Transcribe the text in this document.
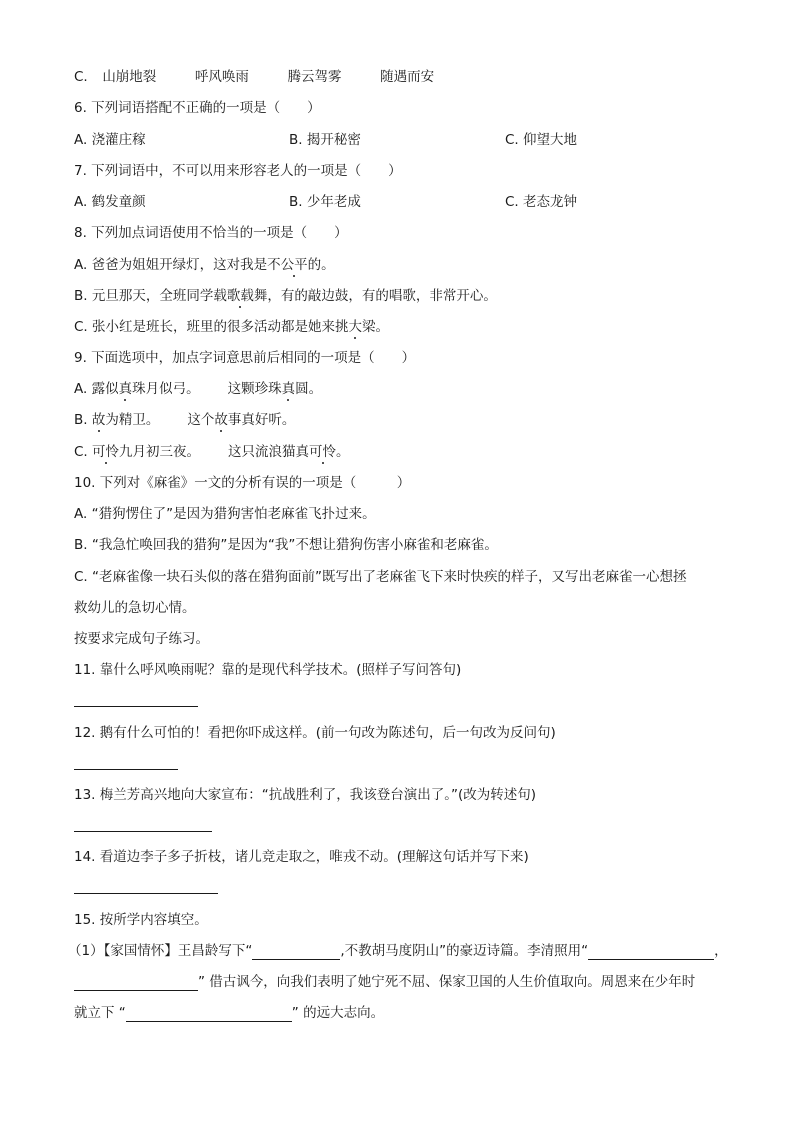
C. 山崩地裂	呼风唤雨	腾云驾雾	随遇而安
6. 下列词语搭配不正确的一项是（　　）
A. 浇灌庄稼	B. 揭开秘密	C. 仰望大地
7. 下列词语中，不可以用来形容老人的一项是（　　）
A. 鹤发童颜	B. 少年老成	C. 老态龙钟
8. 下列加点词语使用不恰当的一项是（　　）
A. 爸爸为姐姐开绿灯，这对我是不公平的。
B. 元旦那天，全班同学载歌载舞，有的敲边鼓，有的唱歌，非常开心。
C. 张小红是班长，班里的很多活动都是她来挑大梁。
9. 下面选项中，加点字词意思前后相同的一项是（　　）
A. 露似真珠月似弓。 这颗珍珠真圆。
B. 故为精卫。 这个故事真好听。
C. 可怜九月初三夜。 这只流浪猫真可怜。
10. 下列对《麻雀》一文的分析有误的一项是（　　　）
A. “猎狗愣住了”是因为猎狗害怕老麻雀飞扑过来。
B. “我急忙唤回我的猎狗”是因为“我”不想让猎狗伤害小麻雀和老麻雀。
C. “老麻雀像一块石头似的落在猎狗面前”既写出了老麻雀飞下来时快疾的样子，又写出老麻雀一心想拯
救幼儿的急切心情。
按要求完成句子练习。
11. 靠什么呼风唤雨呢？靠的是现代科学技术。(照样子写问答句)
12. 鹅有什么可怕的！看把你吓成这样。(前一句改为陈述句，后一句改为反问句)
13. 梅兰芳高兴地向大家宣布：“抗战胜利了，我该登台演出了。”(改为转述句)
14. 看道边李子多子折枝，诸儿竞走取之，唯戎不动。(理解这句话并写下来)
15. 按所学内容填空。
（1）【家国情怀】王昌龄写下“	,不教胡马度阴山”的豪迈诗篇。李清照用“	，
” 借古讽今，向我们表明了她宁死不屈、保家卫国的人生价值取向。周恩来在少年时
就立下 “	” 的远大志向。
